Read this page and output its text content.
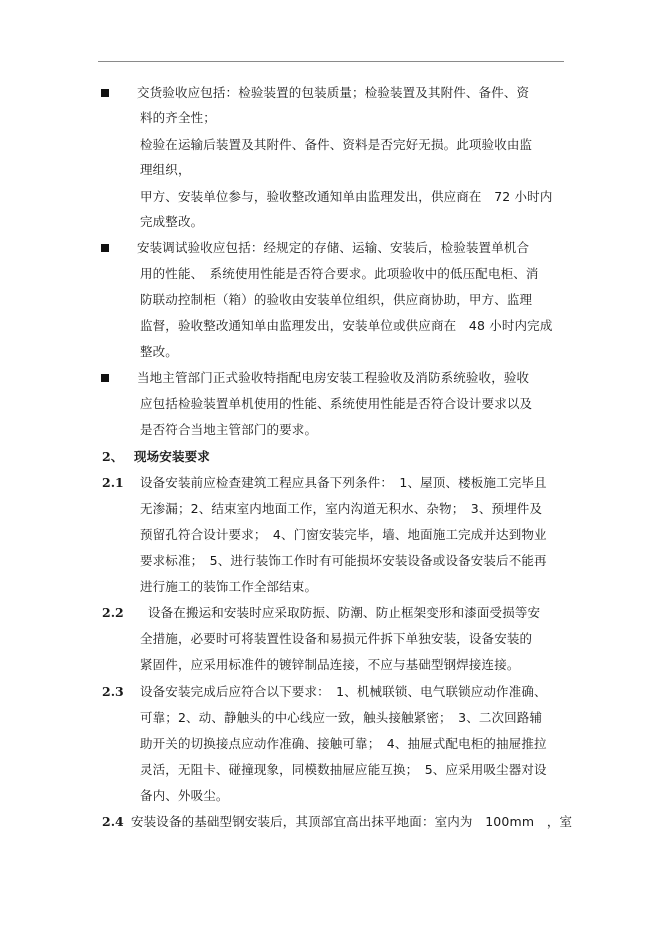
交货验收应包括：检验装置的包装质量；检验装置及其附件、备件、资
料的齐全性；
检验在运输后装置及其附件、备件、资料是否完好无损。此项验收由监
理组织，
甲方、安装单位参与，验收整改通知单由监理发出，供应商在　72 小时内
完成整改。
安装调试验收应包括：经规定的存储、运输、安装后，检验装置单机合
用的性能、　系统使用性能是否符合要求。此项验收中的低压配电柜、消
防联动控制柜（箱）的验收由安装单位组织，供应商协助，甲方、监理
监督，验收整改通知单由监理发出，安装单位或供应商在　48 小时内完成
整改。
当地主管部门正式验收特指配电房安装工程验收及消防系统验收，验收
应包括检验装置单机使用的性能、系统使用性能是否符合设计要求以及
是否符合当地主管部门的要求。
2、 现场安装要求
2.1 设备安装前应检查建筑工程应具备下列条件：　1、屋顶、楼板施工完毕且
无渗漏；2、结束室内地面工作，室内沟道无积水、杂物；　3、预埋件及
预留孔符合设计要求；　4、门窗安装完毕，墙、地面施工完成并达到物业
要求标准；　5、进行装饰工作时有可能损坏安装设备或设备安装后不能再
进行施工的装饰工作全部结束。
2.2 设备在搬运和安装时应采取防振、防潮、防止框架变形和漆面受损等安
全措施，必要时可将装置性设备和易损元件拆下单独安装，设备安装的
紧固件，应采用标准件的镀锌制品连接，不应与基础型钢焊接连接。
2.3 设备安装完成后应符合以下要求：　1、机械联锁、电气联锁应动作准确、
可靠；2、动、静触头的中心线应一致，触头接触紧密；　3、二次回路辅
助开关的切换接点应动作准确、接触可靠；　4、抽屉式配电柜的抽屉推拉
灵活，无阻卡、碰撞现象，同模数抽屉应能互换；　5、应采用吸尘器对设
备内、外吸尘。
2.4 安装设备的基础型钢安装后，其顶部宜高出抹平地面：室内为　100mm　，室
